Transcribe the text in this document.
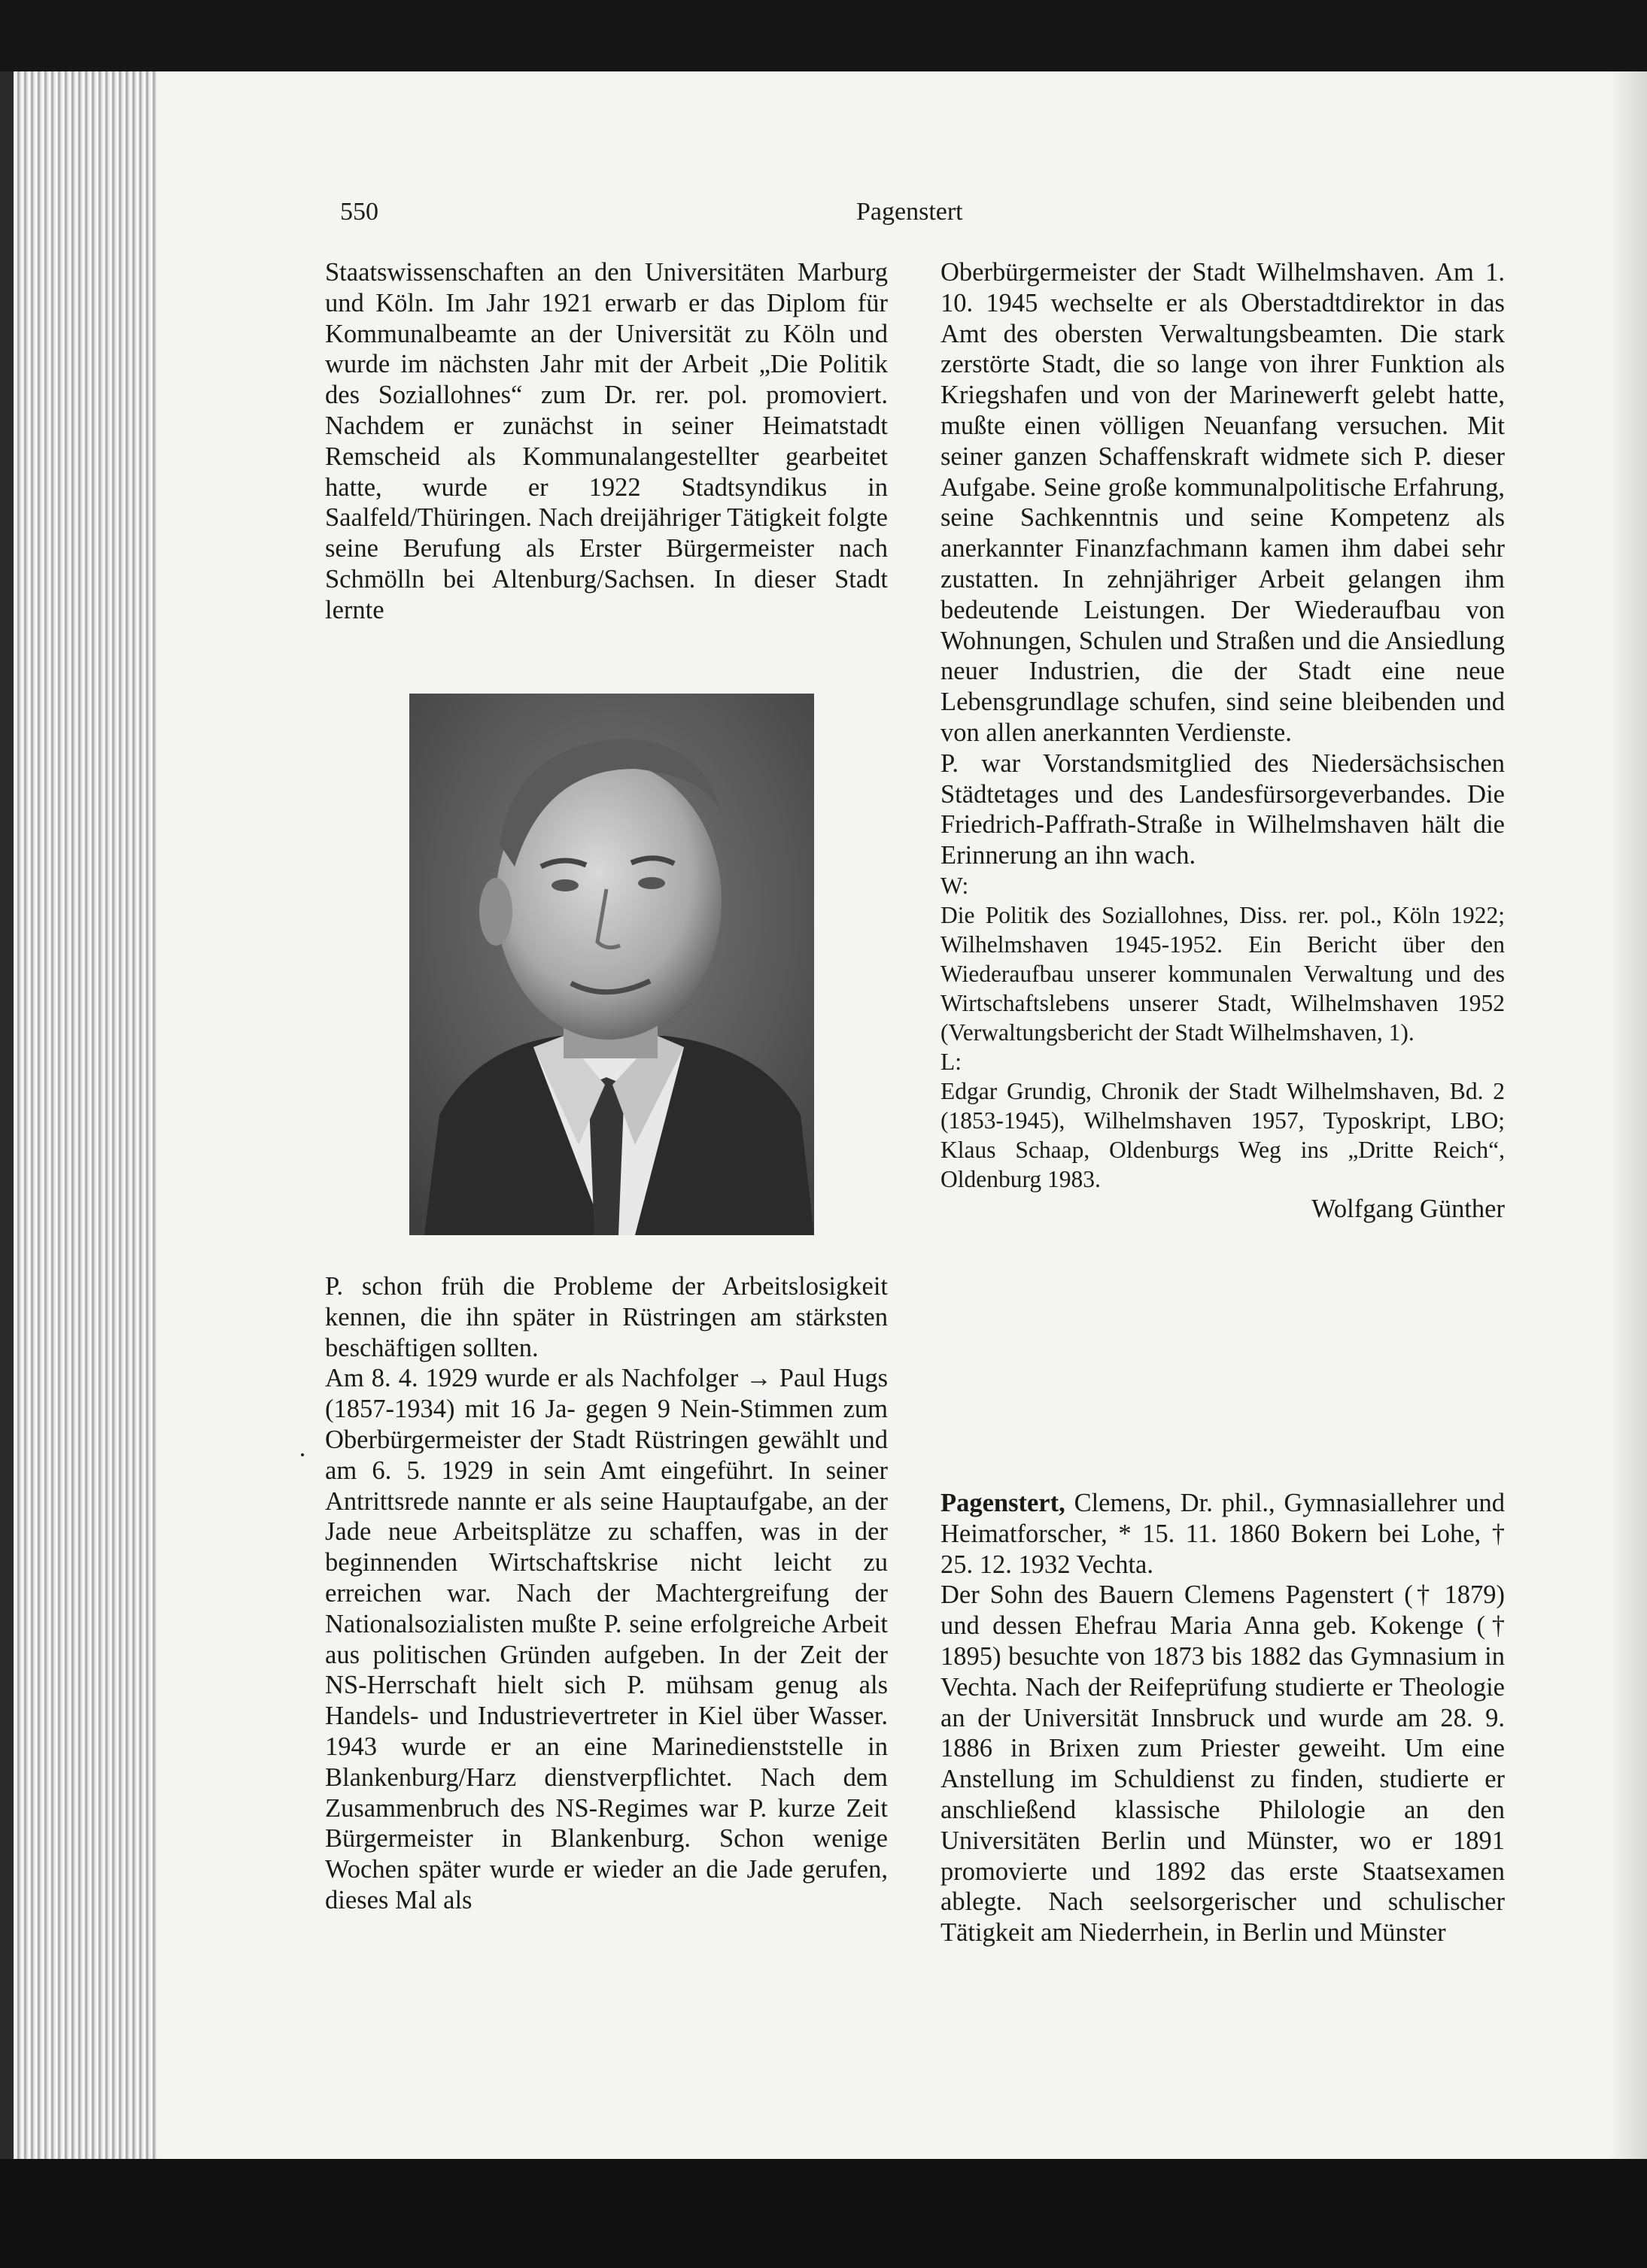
550	Pagenstert

Staatswissenschaften an den Universitäten Marburg und Köln. Im Jahr 1921 erwarb er das Diplom für Kommunalbeamte an der Universität zu Köln und wurde im nächsten Jahr mit der Arbeit „Die Politik des Soziallohnes“ zum Dr. rer. pol. promoviert. Nachdem er zunächst in seiner Heimatstadt Remscheid als Kommunalangestellter gearbeitet hatte, wurde er 1922 Stadtsyndikus in Saalfeld/Thüringen. Nach dreijähriger Tätigkeit folgte seine Berufung als Erster Bürgermeister nach Schmölln bei Altenburg/Sachsen. In dieser Stadt lernte

P. schon früh die Probleme der Arbeitslosigkeit kennen, die ihn später in Rüstringen am stärksten beschäftigen sollten.

Am 8. 4. 1929 wurde er als Nachfolger → Paul Hugs (1857-1934) mit 16 Ja- gegen 9 Nein-Stimmen zum Oberbürgermeister der Stadt Rüstringen gewählt und am 6. 5. 1929 in sein Amt eingeführt. In seiner Antrittsrede nannte er als seine Hauptaufgabe, an der Jade neue Arbeitsplätze zu schaffen, was in der beginnenden Wirtschaftskrise nicht leicht zu erreichen war. Nach der Machtergreifung der Nationalsozialisten mußte P. seine erfolgreiche Arbeit aus politischen Gründen aufgeben. In der Zeit der NS-Herrschaft hielt sich P. mühsam genug als Handels- und Industrievertreter in Kiel über Wasser. 1943 wurde er an eine Marinedienststelle in Blankenburg/Harz dienstverpflichtet. Nach dem Zusammenbruch des NS-Regimes war P. kurze Zeit Bürgermeister in Blankenburg. Schon wenige Wochen später wurde er wieder an die Jade gerufen, dieses Mal als

Oberbürgermeister der Stadt Wilhelmshaven. Am 1. 10. 1945 wechselte er als Oberstadtdirektor in das Amt des obersten Verwaltungsbeamten. Die stark zerstörte Stadt, die so lange von ihrer Funktion als Kriegshafen und von der Marinewerft gelebt hatte, mußte einen völligen Neuanfang versuchen. Mit seiner ganzen Schaffenskraft widmete sich P. dieser Aufgabe. Seine große kommunalpolitische Erfahrung, seine Sachkenntnis und seine Kompetenz als anerkannter Finanzfachmann kamen ihm dabei sehr zustatten. In zehnjähriger Arbeit gelangen ihm bedeutende Leistungen. Der Wiederaufbau von Wohnungen, Schulen und Straßen und die Ansiedlung neuer Industrien, die der Stadt eine neue Lebensgrundlage schufen, sind seine bleibenden und von allen anerkannten Verdienste.

P. war Vorstandsmitglied des Niedersächsischen Städtetages und des Landesfürsorgeverbandes. Die Friedrich-Paffrath-Straße in Wilhelmshaven hält die Erinnerung an ihn wach.

W:

Die Politik des Soziallohnes, Diss. rer. pol., Köln 1922; Wilhelmshaven 1945-1952. Ein Bericht über den Wiederaufbau unserer kommunalen Verwaltung und des Wirtschaftslebens unserer Stadt, Wilhelmshaven 1952 (Verwaltungsbericht der Stadt Wilhelmshaven, 1).

L:

Edgar Grundig, Chronik der Stadt Wilhelmshaven, Bd. 2 (1853-1945), Wilhelmshaven 1957, Typoskript, LBO; Klaus Schaap, Oldenburgs Weg ins „Dritte Reich“, Oldenburg 1983.

Wolfgang Günther

Pagenstert, Clemens, Dr. phil., Gymnasiallehrer und Heimatforscher, * 15. 11. 1860 Bokern bei Lohe, † 25. 12. 1932 Vechta.

Der Sohn des Bauern Clemens Pagenstert († 1879) und dessen Ehefrau Maria Anna geb. Kokenge († 1895) besuchte von 1873 bis 1882 das Gymnasium in Vechta. Nach der Reifeprüfung studierte er Theologie an der Universität Innsbruck und wurde am 28. 9. 1886 in Brixen zum Priester geweiht. Um eine Anstellung im Schuldienst zu finden, studierte er anschließend klassische Philologie an den Universitäten Berlin und Münster, wo er 1891 promovierte und 1892 das erste Staatsexamen ablegte. Nach seelsorgerischer und schulischer Tätigkeit am Niederrhein, in Berlin und Münster
